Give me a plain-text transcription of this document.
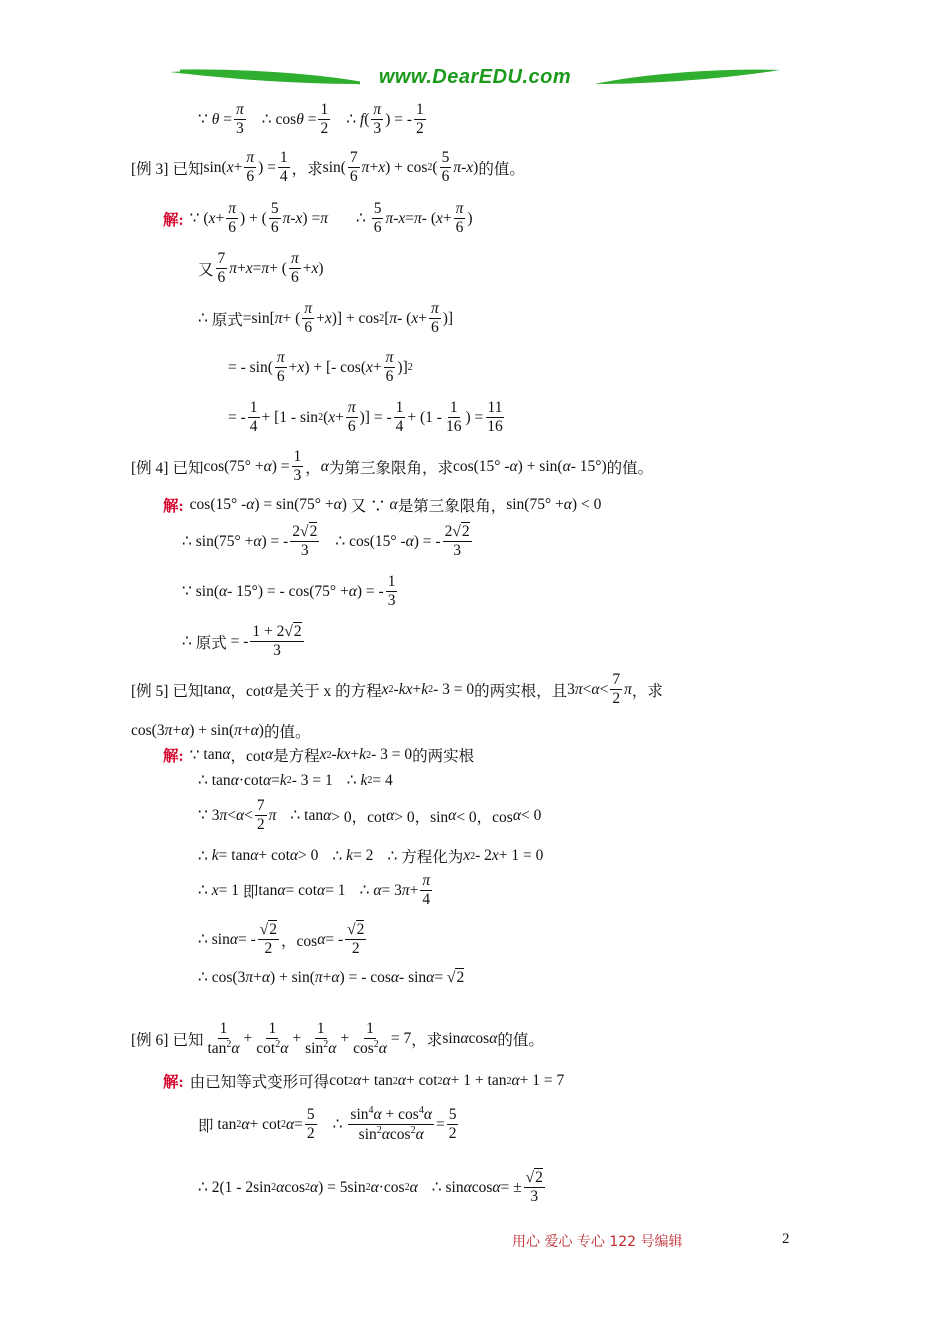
www.DearEDU.com
∵
$\theta = \frac{\pi}{3}$ ∴ $\cos \theta = \frac{1}{2}$ ∴
f ( $\frac{\pi}{3}$ ) = - $\frac{1}{2}$
[例 3] 已知 sin( $x + \frac{\pi}{6}$ ) = $\frac{1}{4}$ ，求 $\sin( \frac{7}{6}$ π + x ) + cos 2 ( $\frac{5}{6}$ π - x ) 的值。
解: ∵ ( $x + \frac{\pi}{6}$ ) + ( $\frac{5}{6}$ π - x ) = π ∴
$\frac{5}{6}$ π - x = π - ( $x + \frac{\pi}{6}$ )
又 $\frac{7}{6}$ π + x = π + ( $\frac{\pi}{6} + x$ )
∴
原式 =sin[ π + ( $\frac{\pi}{6} + x$ )] + cos 2 [ π - ( $x + \frac{\pi}{6}$ )]
= - $\sin( \frac{\pi}{6} + x$ ) + [- cos( $x + \frac{\pi}{6}$ )] 2
= - $\frac{1}{4} + [1 - \sin 2$ ( $x + \frac{\pi}{6}$ )] = - $\frac{1}{4} + (1 - \frac{1}{16}$ ) = $\frac{11}{16}$
[例 4] 已知 cos(75° + α ) = $\frac{1}{3}$ ， α 为第三象限角，求 cos(15° - α ) + sin( α - 15°) 的值。
解: cos(15° - α ) = sin(75° + α ) 又 ∵
α 是第三象限角， sin(75° + α ) < 0
∴ sin(75° + α ) = - $\frac{2√2}{3}$ ∴ cos(15° - α ) = - $\frac{2√2}{3}$
∵ sin( α - 15°) = - cos(75° + α ) = - $\frac{1}{3}$
∴
原式 = - $\frac{1 + 2√2}{3}$
[例 5] 已知 tan α ，cot α 是关于 x 的方程 x 2 - kx + k 2 - 3 = 0 的两实根，且 3 $\pi < \alpha < \frac{7}{2}$ π ，求
cos(3 π + α ) + sin( π + α ) 的值。
解: ∵ tan α ，cot α 是方程 x 2 - kx + k 2 - 3 = 0 的两实根
∴ tan α ·cot α = k 2 - 3 = 1 ∴
k 2 = 4
∵ 3 $\pi < \alpha < \frac{7}{2}$ π ∴ tan α > 0，cot α > 0，sin α < 0，cos α < 0
∴
k = tan α + cot α > 0 ∴
k = 2 ∴
方程化为 x 2 - 2 x + 1 = 0
∴
x = 1 即 tan α = cot α = 1 ∴
α = 3 $\pi + \frac{\pi}{4}$
∴ sin α = - $\frac{√2}{2}$ ，cos α = - $\frac{√2}{2}$
∴ cos(3 π + α ) + sin( π + α ) = - cos α - sin α = √ 2
[例 6] 已知 $\frac{1}{\tan^2\alpha} + \frac{1}{\cot^2\alpha} + \frac{1}{\sin^2\alpha} + \frac{1}{\cos^2\alpha} = 7$ ，求 sin α cos α 的值。
解: 由已知等式变形可得 cot 2 α + tan 2 α + cot 2 α + 1 + tan 2 α + 1 = 7
即 tan 2 α + cot 2 $\alpha = \frac{5}{2}$ ∴
$\frac{\sin^4\alpha + \cos^4\alpha}{\sin^2\alpha\cos^2\alpha} = \frac{5}{2}$
∴ 2(1 - 2sin 2 α cos 2 α ) = 5sin 2 α ·cos 2 α ∴ sin α cos α = ± $\frac{√2}{3}$
用心 爱心 专心 122 号编辑	2
